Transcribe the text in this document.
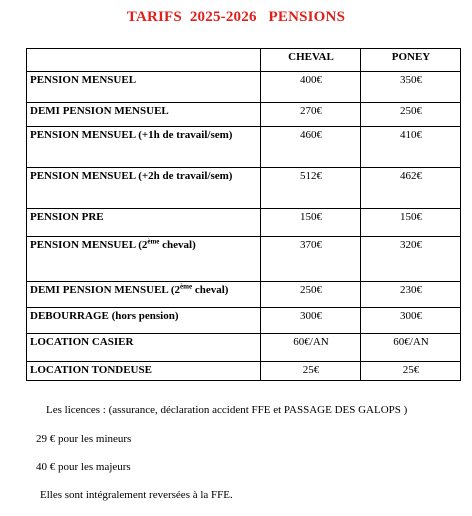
TARIFS  2025-2026   PENSIONS
	CHEVAL	PONEY
PENSION MENSUEL	400€	350€
DEMI PENSION MENSUEL	270€	250€
PENSION MENSUEL (+1h de travail/sem)	460€	410€
PENSION MENSUEL (+2h de travail/sem)	512€	462€
PENSION PRE	150€	150€
PENSION MENSUEL (2ème cheval)	370€	320€
DEMI PENSION MENSUEL (2ème cheval)	250€	230€
DEBOURRAGE (hors pension)	300€	300€
LOCATION CASIER	60€/AN	60€/AN
LOCATION TONDEUSE	25€	25€
Les licences : (assurance, déclaration accident FFE et PASSAGE DES GALOPS )
29 € pour les mineurs
40 € pour les majeurs
Elles sont intégralement reversées à la FFE.
